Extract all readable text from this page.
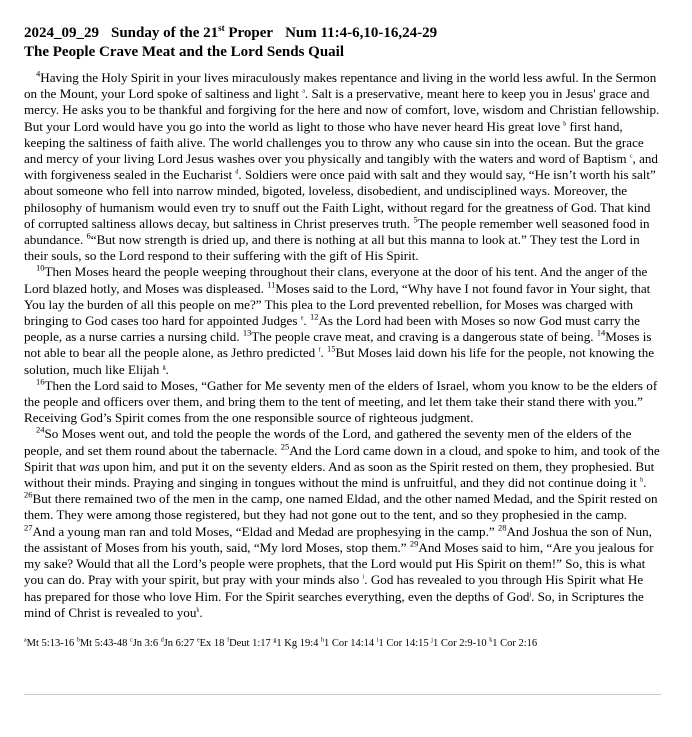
2024_09_29 Sunday of the 21st Proper Num 11:4-6,10-16,24-29
The People Crave Meat and the Lord Sends Quail

$^4$Having the Holy Spirit in your lives miraculously makes repentance and living in the world less awful. In the Sermon on the Mount, your Lord spoke of saltiness and light $^a$. Salt is a preservative, meant here to keep you in Jesus' grace and mercy. He asks you to be thankful and forgiving for the here and now of comfort, love, wisdom and Christian fellowship. But your Lord would have you go into the world as light to those who have never heard His great love $^b$ first hand, keeping the saltiness of faith alive. The world challenges you to throw any who cause sin into the ocean. But the grace and mercy of your living Lord Jesus washes over you physically and tangibly with the waters and word of Baptism $^c$, and with forgiveness sealed in the Eucharist $^d$. Soldiers were once paid with salt and they would say, “He isn’t worth his salt” about someone who fell into narrow minded, bigoted, loveless, disobedient, and undisciplined ways. Moreover, the philosophy of humanism would even try to snuff out the Faith Light, without regard for the greatness of God. That kind of corrupted saltiness allows decay, but saltiness in Christ preserves truth. $^5$The people remember well seasoned food in abundance. $^6$“But now strength is dried up, and there is nothing at all but this manna to look at.” They test the Lord in their souls, so the Lord respond to their suffering with the gift of His Spirit.

$^{10}$Then Moses heard the people weeping throughout their clans, everyone at the door of his tent. And the anger of the Lord blazed hotly, and Moses was displeased. $^{11}$Moses said to the Lord, “Why have I not found favor in Your sight, that You lay the burden of all this people on me?” This plea to the Lord prevented rebellion, for Moses was charged with bringing to God cases too hard for appointed Judges $^e$. $^{12}$As the Lord had been with Moses so now God must carry the people, as a nurse carries a nursing child. $^{13}$The people crave meat, and craving is a dangerous state of being. $^{14}$Moses is not able to bear all the people alone, as Jethro predicted $^f$. $^{15}$But Moses laid down his life for the people, not knowing the solution, much like Elijah $^g$.

$^{16}$Then the Lord said to Moses, “Gather for Me seventy men of the elders of Israel, whom you know to be the elders of the people and officers over them, and bring them to the tent of meeting, and let them take their stand there with you.” Receiving God’s Spirit comes from the one responsible source of righteous judgment.

$^{24}$So Moses went out, and told the people the words of the Lord, and gathered the seventy men of the elders of the people, and set them round about the tabernacle. $^{25}$And the Lord came down in a cloud, and spoke to him, and took of the Spirit that was upon him, and put it on the seventy elders. And as soon as the Spirit rested on them, they prophesied. But without their minds. Praying and singing in tongues without the mind is unfruitful, and they did not continue doing it $^h$. $^{26}$But there remained two of the men in the camp, one named Eldad, and the other named Medad, and the Spirit rested on them. They were among those registered, but they had not gone out to the tent, and so they prophesied in the camp. $^{27}$And a young man ran and told Moses, “Eldad and Medad are prophesying in the camp.” $^{28}$And Joshua the son of Nun, the assistant of Moses from his youth, said, “My lord Moses, stop them.” $^{29}$And Moses said to him, “Are you jealous for my sake? Would that all the Lord’s people were prophets, that the Lord would put His Spirit on them!” So, this is what you can do. Pray with your spirit, but pray with your minds also $^i$. God has revealed to you through His Spirit what He has prepared for those who love Him. For the Spirit searches everything, even the depths of God$^j$. So, in Scriptures the mind of Christ is revealed to you$^k$.

$^a$Mt 5:13-16 $^b$Mt 5:43-48 $^c$Jn 3:6 $^d$Jn 6:27 $^e$Ex 18 $^f$Deut 1:17 $^g$1 Kg 19:4 $^h$1 Cor 14:14 $^i$1 Cor 14:15 $^j$1 Cor 2:9-10 $^k$1 Cor 2:16
